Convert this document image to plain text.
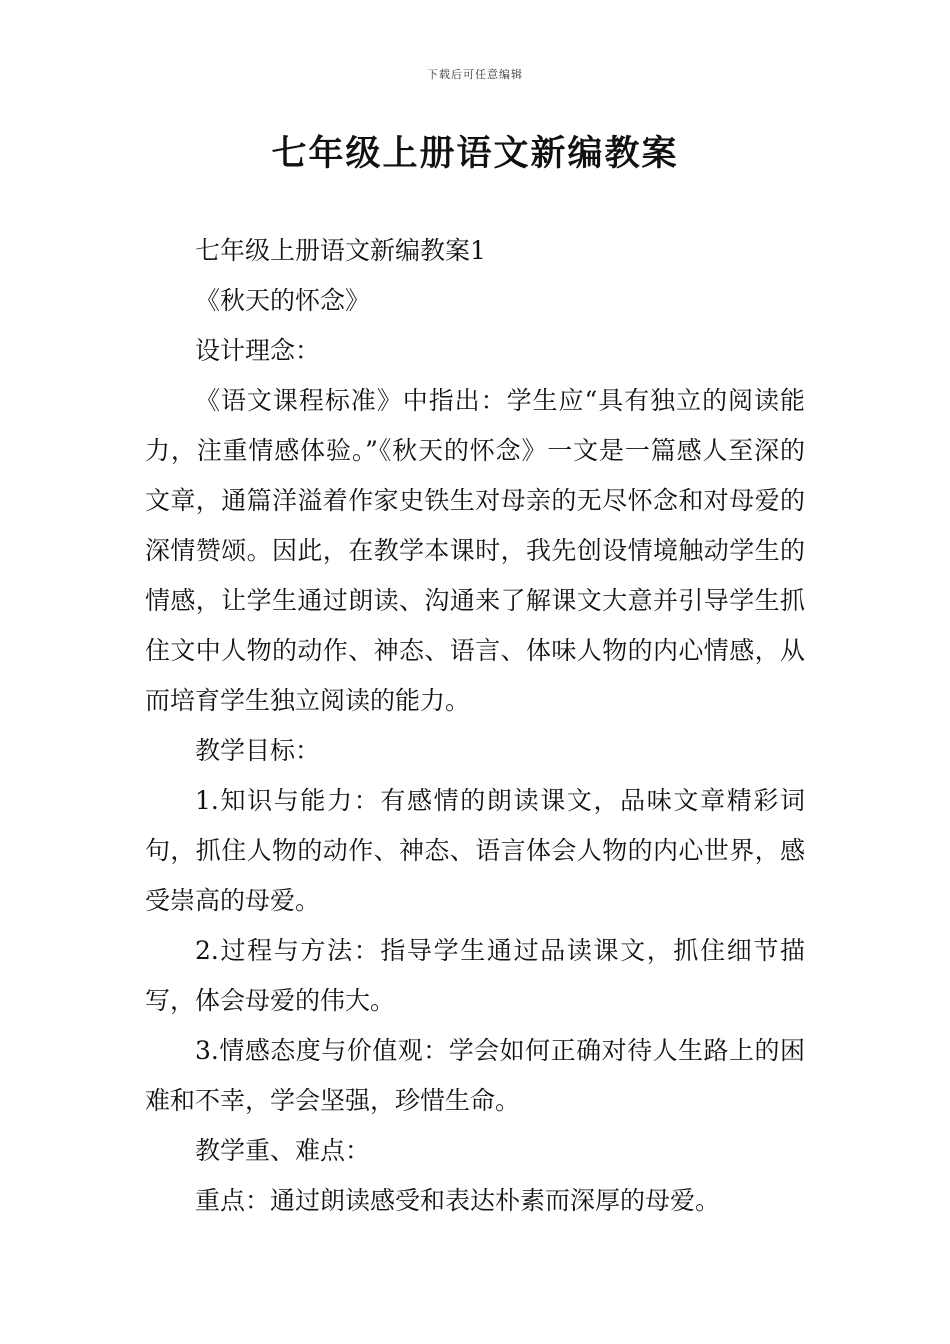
下载后可任意编辑
七年级上册语文新编教案

七年级上册语文新编教案1

《秋天的怀念》

设计理念：

《语文课程标准》中指出：学生应“具有独立的阅读能力，注重情感体验。”《秋天的怀念》一文是一篇感人至深的文章，通篇洋溢着作家史铁生对母亲的无尽怀念和对母爱的深情赞颂。因此，在教学本课时，我先创设情境触动学生的情感，让学生通过朗读、沟通来了解课文大意并引导学生抓住文中人物的动作、神态、语言、体味人物的内心情感，从而培育学生独立阅读的能力。

教学目标：

1.知识与能力：有感情的朗读课文，品味文章精彩词句，抓住人物的动作、神态、语言体会人物的内心世界，感受崇高的母爱。

2.过程与方法：指导学生通过品读课文，抓住细节描写，体会母爱的伟大。

3.情感态度与价值观：学会如何正确对待人生路上的困难和不幸，学会坚强，珍惜生命。

教学重、难点：

重点：通过朗读感受和表达朴素而深厚的母爱。
